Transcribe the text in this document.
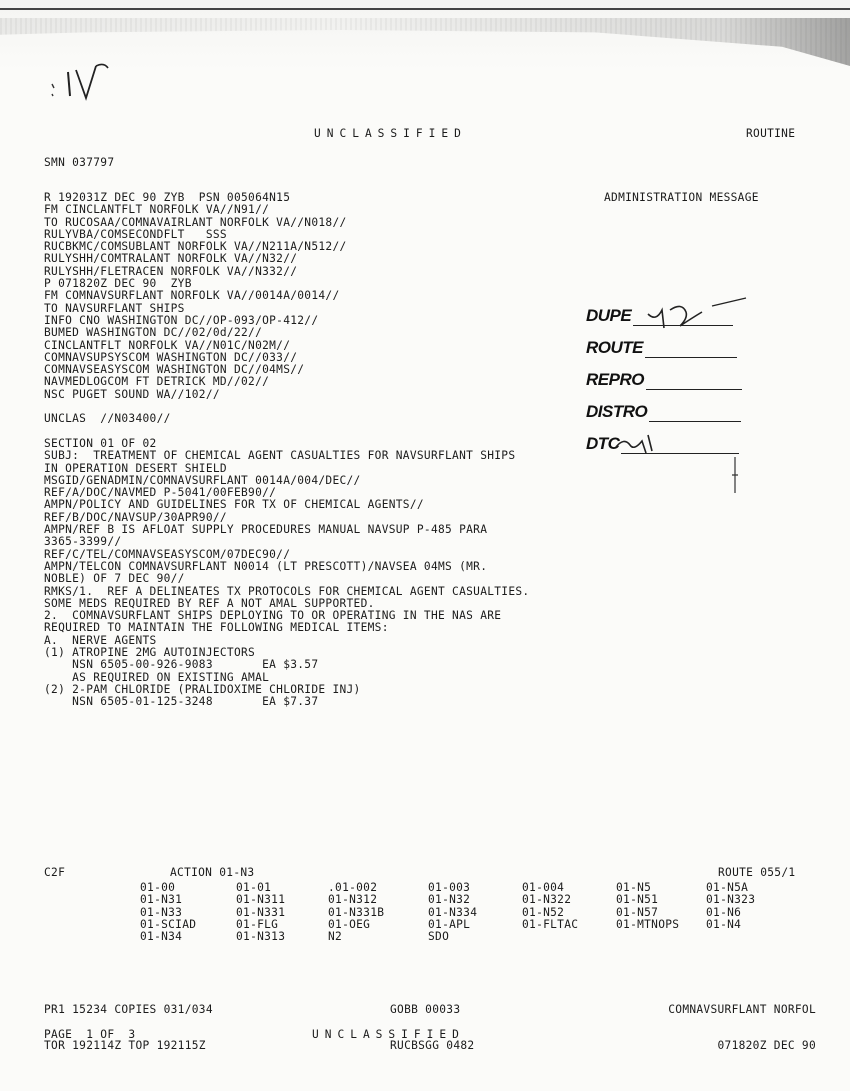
UNCLASSIFIED	ROUTINE
SMN 037797
ADMINISTRATION MESSAGE
R 192031Z DEC 90 ZYB  PSN 005064N15
FM CINCLANTFLT NORFOLK VA//N91//
TO RUCOSAA/COMNAVAIRLANT NORFOLK VA//N018//
RULYVBA/COMSECONDFLT   SSS
RUCBKMC/COMSUBLANT NORFOLK VA//N211A/N512//
RULYSHH/COMTRALANT NORFOLK VA//N32//
RULYSHH/FLETRACEN NORFOLK VA//N332//
P 071820Z DEC 90  ZYB
FM COMNAVSURFLANT NORFOLK VA//0014A/0014//
TO NAVSURFLANT SHIPS
INFO CNO WASHINGTON DC//OP-093/OP-412//
BUMED WASHINGTON DC//02/0d/22//
CINCLANTFLT NORFOLK VA//N01C/N02M//
COMNAVSUPSYSCOM WASHINGTON DC//033//
COMNAVSEASYSCOM WASHINGTON DC//04MS//
NAVMEDLOGCOM FT DETRICK MD//02//
NSC PUGET SOUND WA//102//
UNCLAS  //N03400//
SECTION 01 OF 02
SUBJ:  TREATMENT OF CHEMICAL AGENT CASUALTIES FOR NAVSURFLANT SHIPS
IN OPERATION DESERT SHIELD
MSGID/GENADMIN/COMNAVSURFLANT 0014A/004/DEC//
REF/A/DOC/NAVMED P-5041/00FEB90//
AMPN/POLICY AND GUIDELINES FOR TX OF CHEMICAL AGENTS//
REF/B/DOC/NAVSUP/30APR90//
AMPN/REF B IS AFLOAT SUPPLY PROCEDURES MANUAL NAVSUP P-485 PARA
3365-3399//
REF/C/TEL/COMNAVSEASYSCOM/07DEC90//
AMPN/TELCON COMNAVSURFLANT N0014 (LT PRESCOTT)/NAVSEA 04MS (MR.
NOBLE) OF 7 DEC 90//
RMKS/1.  REF A DELINEATES TX PROTOCOLS FOR CHEMICAL AGENT CASUALTIES.
SOME MEDS REQUIRED BY REF A NOT AMAL SUPPORTED.
2.  COMNAVSURFLANT SHIPS DEPLOYING TO OR OPERATING IN THE NAS ARE
REQUIRED TO MAINTAIN THE FOLLOWING MEDICAL ITEMS:
A.  NERVE AGENTS
(1) ATROPINE 2MG AUTOINJECTORS
NSN 6505-00-926-9083       EA $3.57
AS REQUIRED ON EXISTING AMAL
(2) 2-PAM CHLORIDE (PRALIDOXIME CHLORIDE INJ)
NSN 6505-01-125-3248       EA $7.37
DUPE
ROUTE
REPRO
DISTRO
DTC
C2F	ACTION 01-N3	ROUTE 055/1
01-00	01-01	.01-002	01-003	01-004	01-N5	01-N5A
01-N31	01-N311	01-N312	01-N32	01-N322	01-N51	01-N323
01-N33	01-N331	01-N331B	01-N334	01-N52	01-N57	01-N6
01-SCIAD	01-FLG	01-OEG	01-APL	01-FLTAC	01-MTNOPS 01-N4
01-N34	01-N313	N2	SDO

PR1 15234 COPIES 031/034

TOR 192114Z TOP 192115Z

GOBB 00033

RUCBSGG 0482

COMNAVSURFLANT NORFOL

071820Z DEC 90

PAGE  1 OF  3	UNCLASSIFIED
